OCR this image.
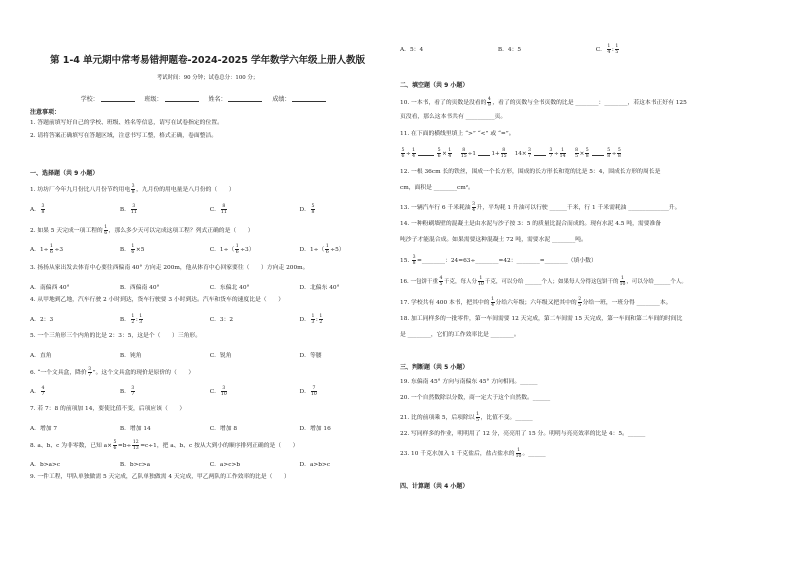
第 1-4 单元期中常考易错押题卷-2024-2025 学年数学六年级上册人教版
考试时间：90 分钟；试卷总分：100 分；
学校：	班级：	姓名：	成绩：
注意事项：
1. 答题前填写好自己的学校、班级、姓名等信息，请写在试卷指定的位置。
2. 请将答案正确填写在答题区域，注意书写工整，格式正确，卷面整洁。
一、选择题（共 9 小题）
1. 坊坊厂今年九月份比八月份节约用电 $\frac{3}{8}$ ，九月份的用电量是八月份的（　　）
A． $\frac{3}{8}$	B． $\frac{3}{11}$	C． $\frac{8}{11}$	D． $\frac{5}{8}$
2. 如果 5 天完成一项工程的 $\frac{1}{6}$ ，那么多少天可以完成这项工程？列式正确的是（　　）
A．$1\div \frac{1}{6} \div 3$	B． $\frac{1}{6} \times 5$	C．$1\div( \frac{1}{6} \div 3)$	D．$1\div( \frac{1}{6} \div 5)$
3. 扬扬从家出发去体育中心要往西偏南 40° 方向走 200m，他从体育中心回家要往（　　）方向走 200m。
A．南偏西 40°	B．西偏南 40°	C．东偏北 40°	D．北偏东 40°
4. 从甲地到乙地，汽车行驶 2 小时到达，货车行驶要 3 小时到达。汽车和货车的速度比是（　　）
A．2：3	B． $\frac{1}{2}$ : $\frac{1}{3}$	C．3：2	D． $\frac{1}{3}$ : $\frac{1}{2}$
5. 一个三角形三个内角的比是 2：3：5，这是个（　　）三角形。
A．直角	B．钝角	C．锐角	D．等腰
6. “一个文具盒，降价 $\frac{3}{7}$ ”。这个文具盒的现价是原价的（　　）
A． $\frac{4}{7}$	B． $\frac{3}{7}$	C． $\frac{3}{10}$	D． $\frac{7}{10}$
7. 若 7：8 的前项加 14，要使比值不变，后项应该（　　）
A．增加 7	B．增加 14	C．增加 8	D．增加 16
8. a、b、c 为非零数，已知 $a\times \frac{5}{6} =b\div \frac{12}{13} =c\div 1$，把 a、b、c 按从大到小的顺序排列正确的是（　　）
A．b>a>c	B．b>c>a	C．a>c>b	D．a>b>c
9. 一件工程，甲队单独做需 5 天完成，乙队单独做需 4 天完成，甲乙两队的工作效率的比是（　　）
A．5：4	B．4：5	C． $\frac{1}{4}$ : $\frac{1}{5}$
二、填空题（共 9 小题）
10. 一本书，看了的页数是没看的 $\frac{4}{9}$ ，看了的页数与全书页数的比是 ________：________，若这本书正好有 125
页没看，那么这本书共有 __________页。
11. 在下面的横线里填上 “>” “<” 或 “=”。
$\frac{5}{6} \div \frac{1}{4}$
	$\frac{5}{6} \times \frac{1}{4}$
$\frac{8}{15} \div 1$  $1+ \frac{8}{15} 14\times \frac{3}{7}$
	$\frac{3}{7} \div \frac{1}{14}$
$\frac{8}{5} \times \frac{5}{8}$
	$\frac{5}{8} \div \frac{5}{8}$
12. 一根 36cm 长的铁丝，围成一个长方形，围成的长方形长和宽的比是 5：4，围成长方形的周长是
cm，面积是 ________cm²。
13. 一辆汽车行 6 千米耗油 $\frac{3}{4}$ 升，平均耗 1 升油可以行驶 ______千米，行 1 千米需耗油 ______________升。
14. 一种粉刷墙壁的混凝土是由水泥与沙子按 3：5 的质量比混合而成的。现有水泥 4.5 吨，需要准备
吨沙子才能混合成。如果需要这种混凝土 72 吨，需要水泥 ________吨。
15. $\frac{3}{8}$ =________：24=63÷________=42：________=________（填小数）
16. 一包饼干重 $\frac{4}{5}$ 千克，每人分 $\frac{1}{10}$ 千克，可以分给 ______个人；如果每人分得这包饼干的 $\frac{1}{10}$ ，可以分给______个人。
17. 学校共有 400 本书，把其中的 $\frac{1}{4}$ 分给六年级；六年级又把其中的 $\frac{2}{5}$ 分给一班，一班分得 ________本。
18. 加工同样多的一批零件，第一车间需要 12 天完成，第二车间需 15 天完成，第一车间和第二车间的时间比
是 ________，它们的工作效率比是 ________。
三、判断题（共 5 小题）
19. 东偏南 45° 方向与南偏东 45° 方向相同。______
20. 一个自然数除以分数，商一定大于这个自然数。______
21. 比的前项乘 5，后项除以 $\frac{1}{5}$ ，比值不变。______
22. 写同样多的作业，明明用了 12 分，亮亮用了 15 分。明明与亮亮效率的比是 4：5。______
23. 10 千克水加入 1 千克盐后，盐占盐水的 $\frac{1}{10}$ 。______
四、计算题（共 4 小题）
